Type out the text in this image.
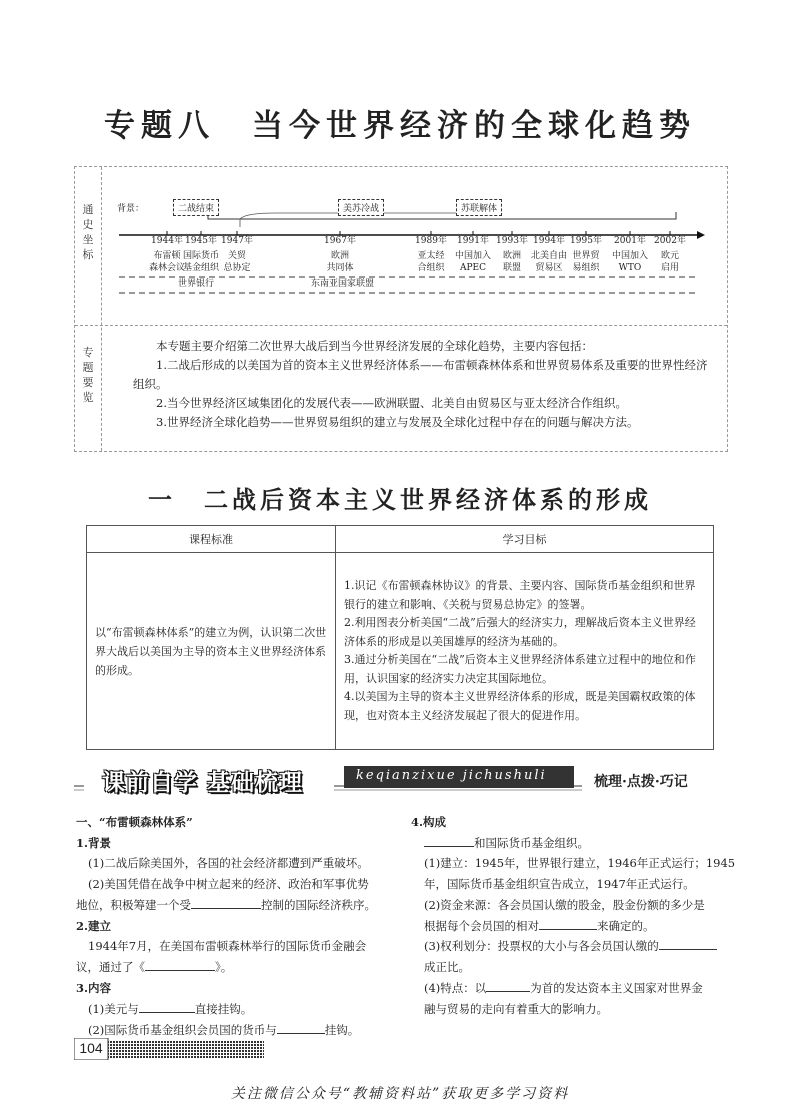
专题八　当今世界经济的全球化趋势
通
史
坐
标
专
题
要
览
背景：	二战结束	美苏冷战	苏联解体
1944年
布雷顿
森林会议
1945年
国际货币
基金组织
1947年
关贸
总协定
1967年
欧洲
共同体
1989年
亚太经
合组织
1991年
中国加入
APEC
1993年
欧洲
联盟
1994年
北美自由
贸易区
1995年
世界贸
易组织
2001年
中国加入
WTO
2002年
欧元
启用
世界银行	东南亚国家联盟
本专题主要介绍第二次世界大战后到当今世界经济发展的全球化趋势，主要内容包括：
1.二战后形成的以美国为首的资本主义世界经济体系——布雷顿森林体系和世界贸易体系及重要的世界性经济组织。
2.当今世界经济区域集团化的发展代表——欧洲联盟、北美自由贸易区与亚太经济合作组织。
3.世界经济全球化趋势——世界贸易组织的建立与发展及全球化过程中存在的问题与解决方法。
一　二战后资本主义世界经济体系的形成
课程标准	学习目标
以“布雷顿森林体系”的建立为例，认识第二次世界大战后以美国为主导的资本主义世界经济体系的形成。	1.识记《布雷顿森林协议》的背景、主要内容、国际货币基金组织和世界银行的建立和影响、《关税与贸易总协定》的签署。
2.利用图表分析美国“二战”后强大的经济实力，理解战后资本主义世界经济体系的形成是以美国雄厚的经济为基础的。
3.通过分析美国在“二战”后资本主义世界经济体系建立过程中的地位和作用，认识国家的经济实力决定其国际地位。
4.以美国为主导的资本主义世界经济体系的形成，既是美国霸权政策的体现，也对资本主义经济发展起了很大的促进作用。
课前自学 基础梳理	keqianzixue jichushuli	梳理·点拨·巧记
一、“布雷顿森林体系”
1.背景
(1)二战后除美国外，各国的社会经济都遭到严重破坏。
(2)美国凭借在战争中树立起来的经济、政治和军事优势
地位，积极筹建一个受	控制的国际经济秩序。
2.建立
1944年7月，在美国布雷顿森林举行的国际货币金融会
议，通过了《	》。
3.内容
(1)美元与	直接挂钩。
(2)国际货币基金组织会员国的货币与	挂钩。
4.构成
和国际货币基金组织。
(1)建立：1945年，世界银行建立，1946年正式运行；1945
年，国际货币基金组织宣告成立，1947年正式运行。
(2)资金来源：各会员国认缴的股金，股金份额的多少是
根据每个会员国的相对	来确定的。
(3)权利划分：投票权的大小与各会员国认缴的
成正比。
(4)特点：以	为首的发达资本主义国家对世界金
融与贸易的走向有着重大的影响力。
104
关注微信公众号“教辅资料站”获取更多学习资料
